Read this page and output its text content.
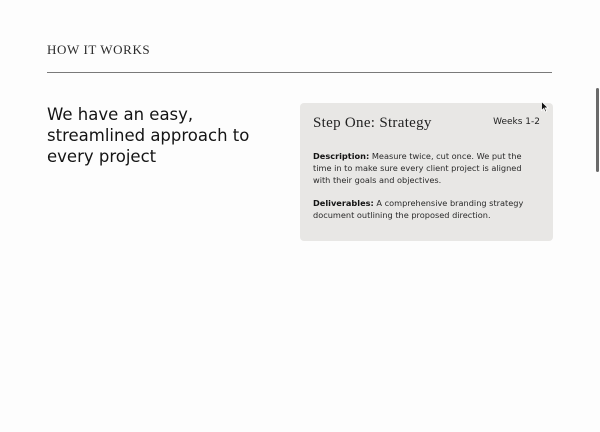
HOW IT WORKS
We have an easy, streamlined approach to every project
Step One: Strategy	Weeks 1-2

Description: Measure twice, cut once. We put the time in to make sure every client project is aligned with their goals and objectives.

Deliverables: A comprehensive branding strategy document outlining the proposed direction.
